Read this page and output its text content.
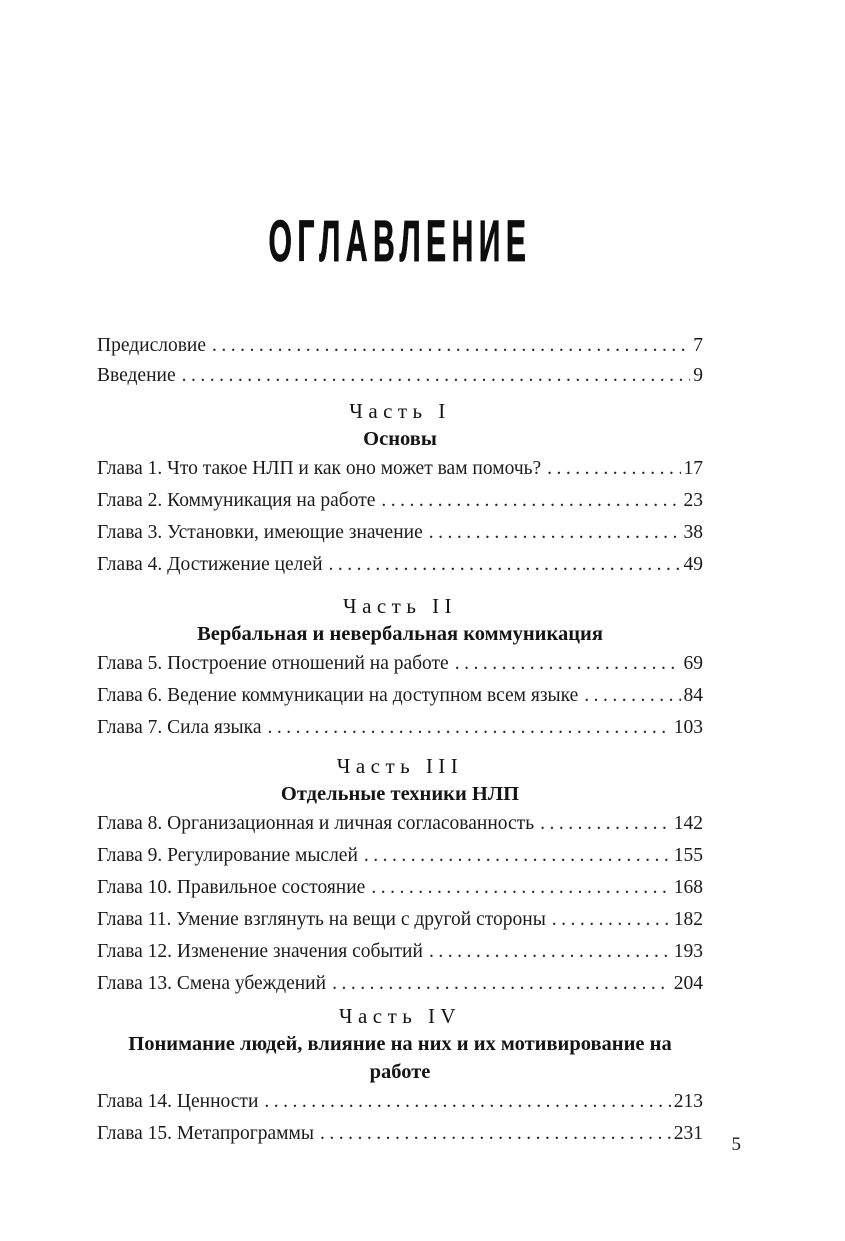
ОГЛАВЛЕНИЕ
Предисловие .....	7
Введение .....	9
Часть I
Основы
Глава 1. Что такое НЛП и как оно может вам помочь? .....	17
Глава 2. Коммуникация на работе .....	23
Глава 3. Установки, имеющие значение .....	38
Глава 4. Достижение целей .....	49
Часть II
Вербальная и невербальная коммуникация
Глава 5. Построение отношений на работе .....	69
Глава 6. Ведение коммуникации на доступном всем языке .....	84
Глава 7. Сила языка .....	103
Часть III
Отдельные техники НЛП
Глава 8. Организационная и личная согласованность .....	142
Глава 9. Регулирование мыслей .....	155
Глава 10. Правильное состояние .....	168
Глава 11. Умение взглянуть на вещи с другой стороны .....	182
Глава 12. Изменение значения событий .....	193
Глава 13. Смена убеждений .....	204
Часть IV
Понимание людей, влияние на них и их мотивирование на работе
Глава 14. Ценности .....	213
Глава 15. Метапрограммы .....	231
5
